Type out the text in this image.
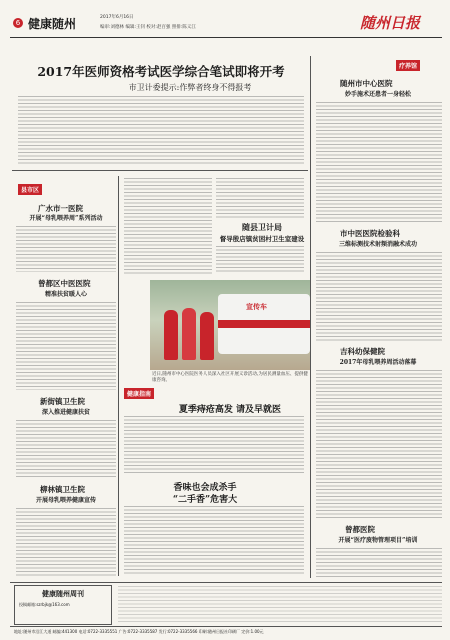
6 健康随州	2017年6月16日
编审:刘德林 编辑:王钊 校对:赵百强 照排:陈义江	随州日报
2017年医师资格考试医学综合笔试即将开考
市卫计委提示:作弊者终身不得报考
疗养馆
随州市中心医院
妙手施术还患者一身轻松
市中医医院检验科
三维标测技术射频消融术成功
吉科幼保健院
2017年母乳喂养周活动落幕
曾都医院
开展“医疗废物管理项目”培训
县市区
广水市一医院
开展“母乳喂养周”系列活动
曾都区中医医院
精准扶贫暖人心
新街镇卫生院
深入推进健康扶贫
柳林镇卫生院
开展母乳喂养健康宣传
随县卫计局
督导殷店镇贫困村卫生室建设
宣传车
近日,随州市中心医院医务人员深入社区开展义诊活动,为居民测量血压、提供健康咨询。
健康指南
夏季痔疮高发 请及早就医
香味也会成杀手
“二手香”危害大
健康随州周刊
投稿邮箱:szrbjk@163.com
地址:随州市沿江大道 邮编:441300 电话:0722-3335551 广告:0722-3335587 发行:0722-3335566 印刷:随州日报社印刷厂 定价:1.00元
